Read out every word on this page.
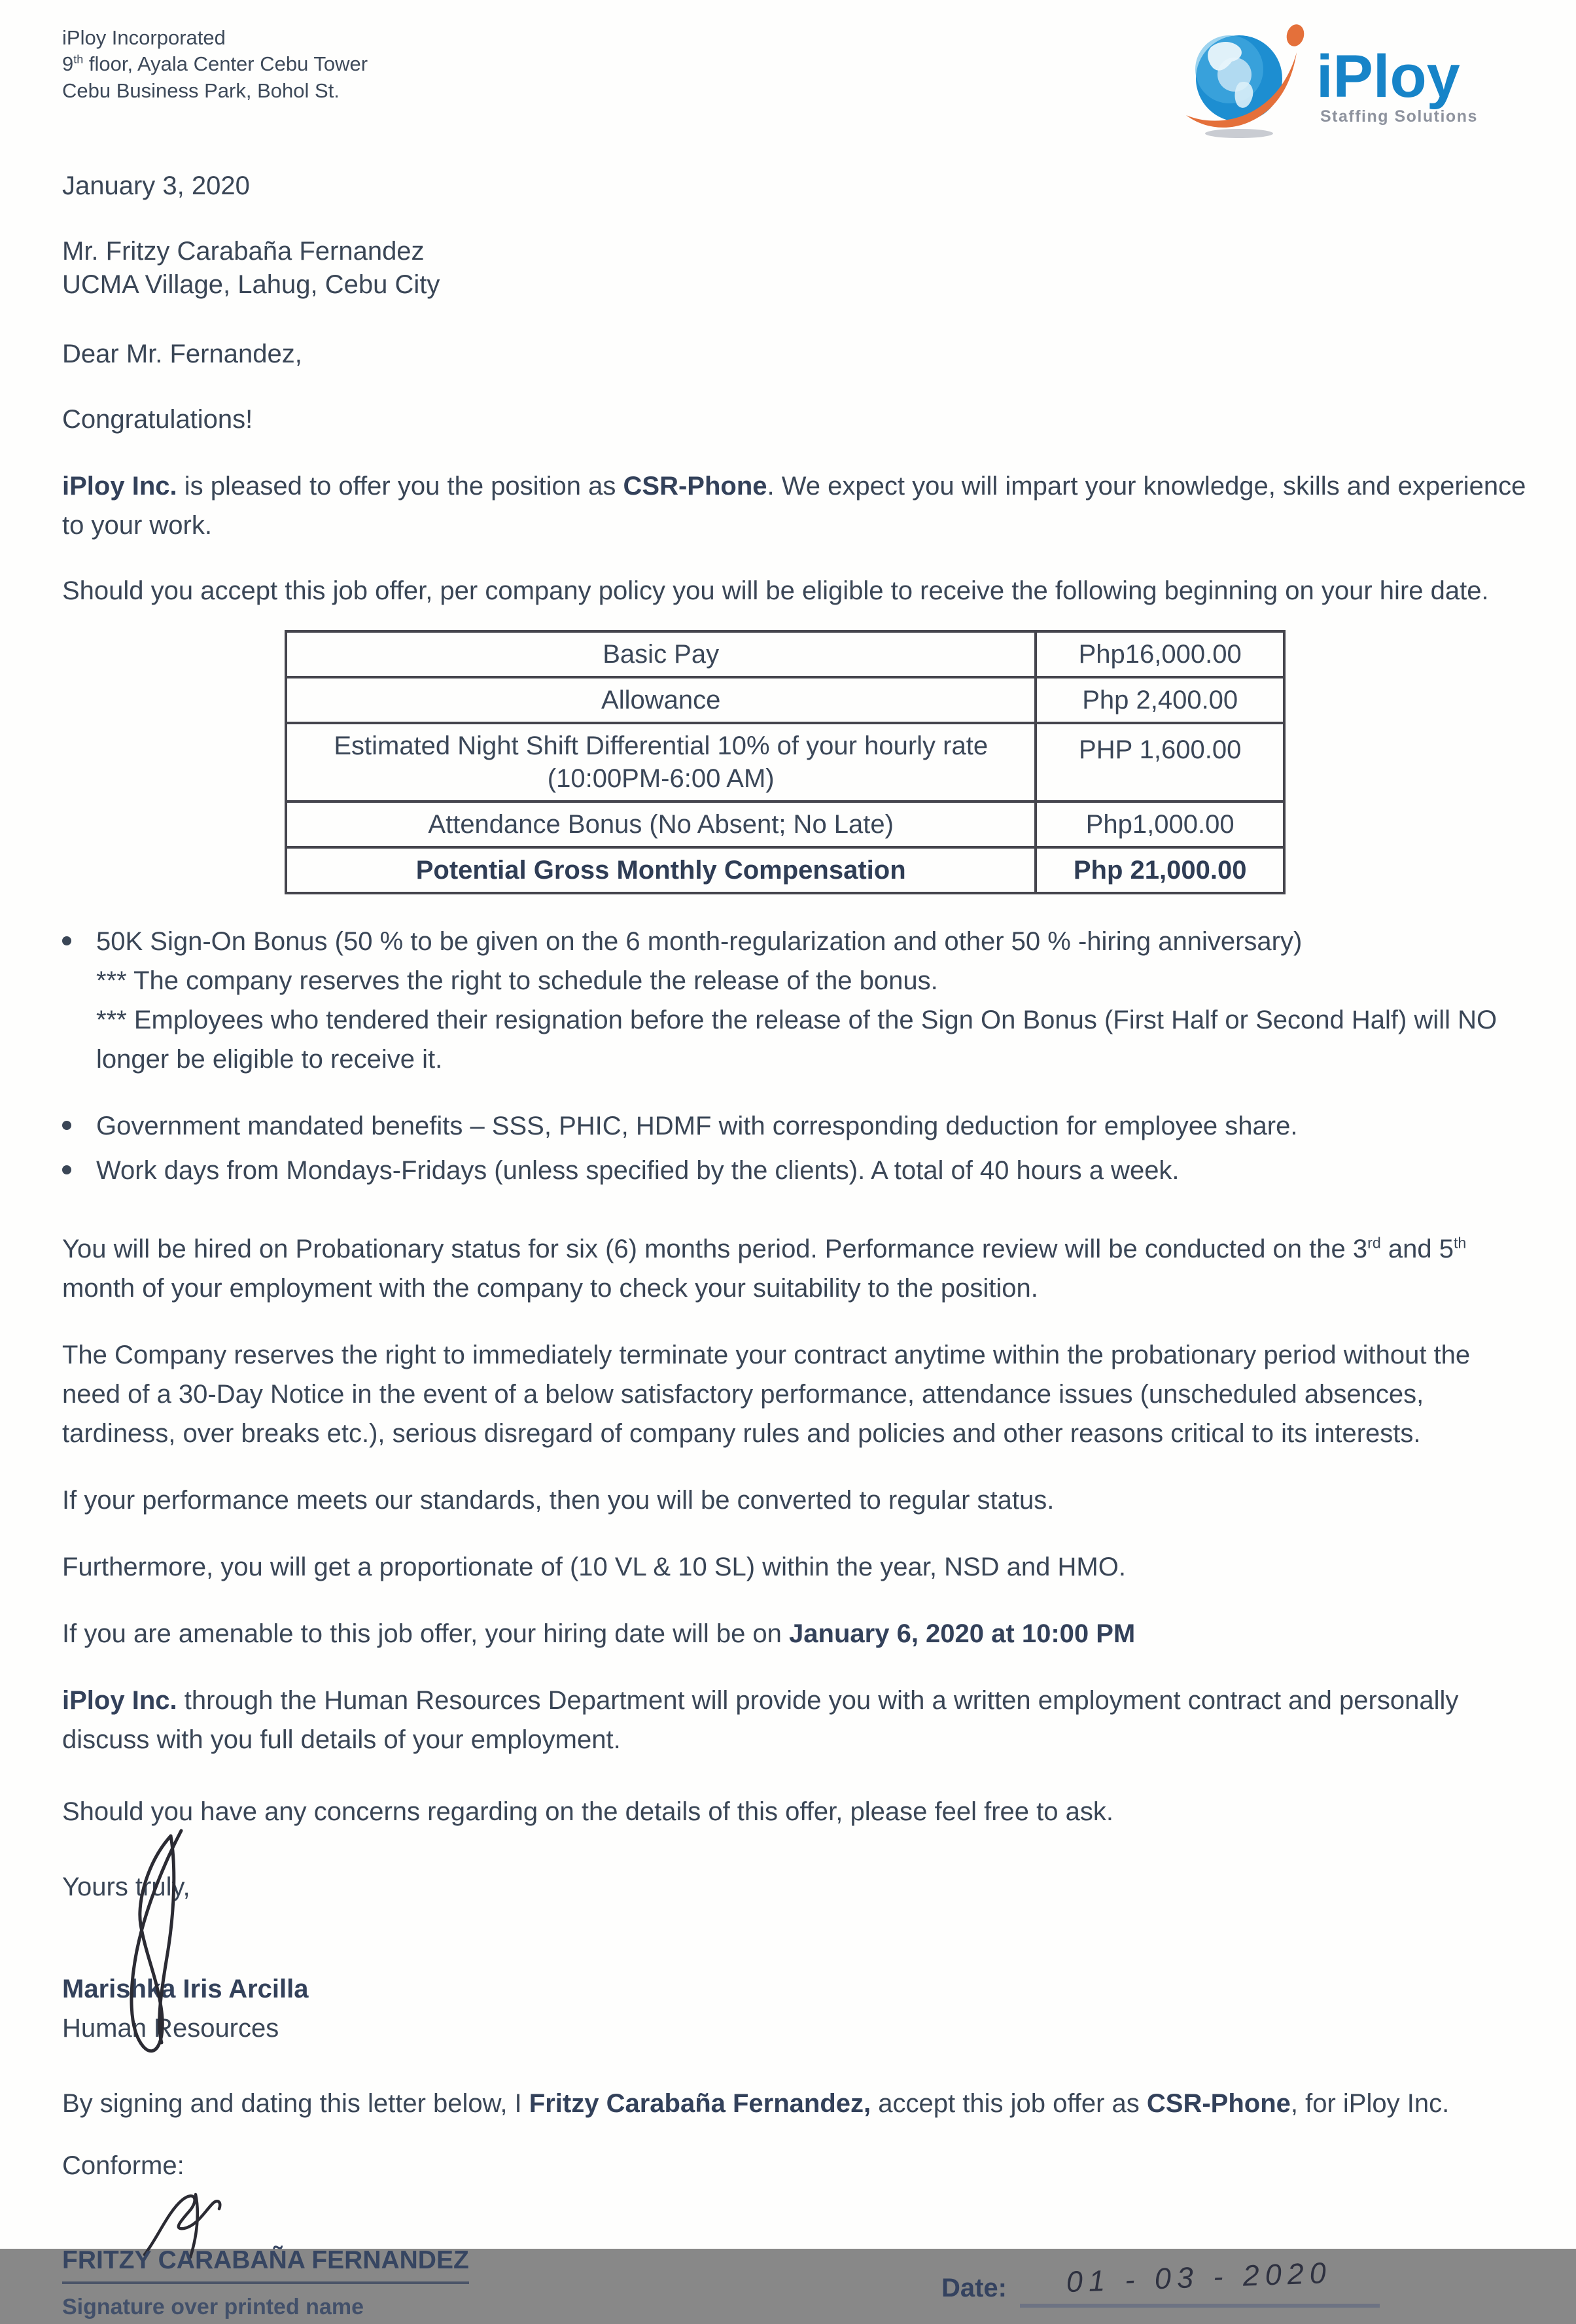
iPloy Incorporated
9th floor, Ayala Center Cebu Tower
Cebu Business Park, Bohol St.	iPloy
Staffing Solutions

January 3, 2020

Mr. Fritzy Carabaña Fernandez
UCMA Village, Lahug, Cebu City

Dear Mr. Fernandez,

Congratulations!

iPloy Inc. is pleased to offer you the position as CSR-Phone. We expect you will impart your knowledge, skills and experience to your work.

Should you accept this job offer, per company policy you will be eligible to receive the following beginning on your hire date.

Basic Pay	Php16,000.00
Allowance	Php 2,400.00

Estimated Night Shift Differential 10% of your hourly rate
(10:00PM-6:00 AM)	PHP 1,600.00
Attendance Bonus (No Absent; No Late)	Php1,000.00
Potential Gross Monthly Compensation	Php 21,000.00
50K Sign-On Bonus (50 % to be given on the 6 month-regularization and other 50 % -hiring anniversary)
*** The company reserves the right to schedule the release of the bonus.
*** Employees who tendered their resignation before the release of the Sign On Bonus (First Half or Second Half) will NO longer be eligible to receive it.
Government mandated benefits – SSS, PHIC, HDMF with corresponding deduction for employee share.
Work days from Mondays-Fridays (unless specified by the clients). A total of 40 hours a week.

You will be hired on Probationary status for six (6) months period. Performance review will be conducted on the 3rd and 5th month of your employment with the company to check your suitability to the position.

The Company reserves the right to immediately terminate your contract anytime within the probationary period without the need of a 30-Day Notice in the event of a below satisfactory performance, attendance issues (unscheduled absences, tardiness, over breaks etc.), serious disregard of company rules and policies and other reasons critical to its interests.

If your performance meets our standards, then you will be converted to regular status.

Furthermore, you will get a proportionate of (10 VL & 10 SL) within the year, NSD and HMO.

If you are amenable to this job offer, your hiring date will be on January 6, 2020 at 10:00 PM

iPloy Inc. through the Human Resources Department will provide you with a written employment contract and personally discuss with you full details of your employment.

Should you have any concerns regarding on the details of this offer, please feel free to ask.

Yours truly,

Marishka Iris Arcilla

Human Resources

By signing and dating this letter below, I Fritzy Carabaña Fernandez, accept this job offer as CSR-Phone, for iPloy Inc.

Conforme:

FRITZY CARABAÑA FERNANDEZ
Signature over printed name
Date:	01 - 03 - 2020
